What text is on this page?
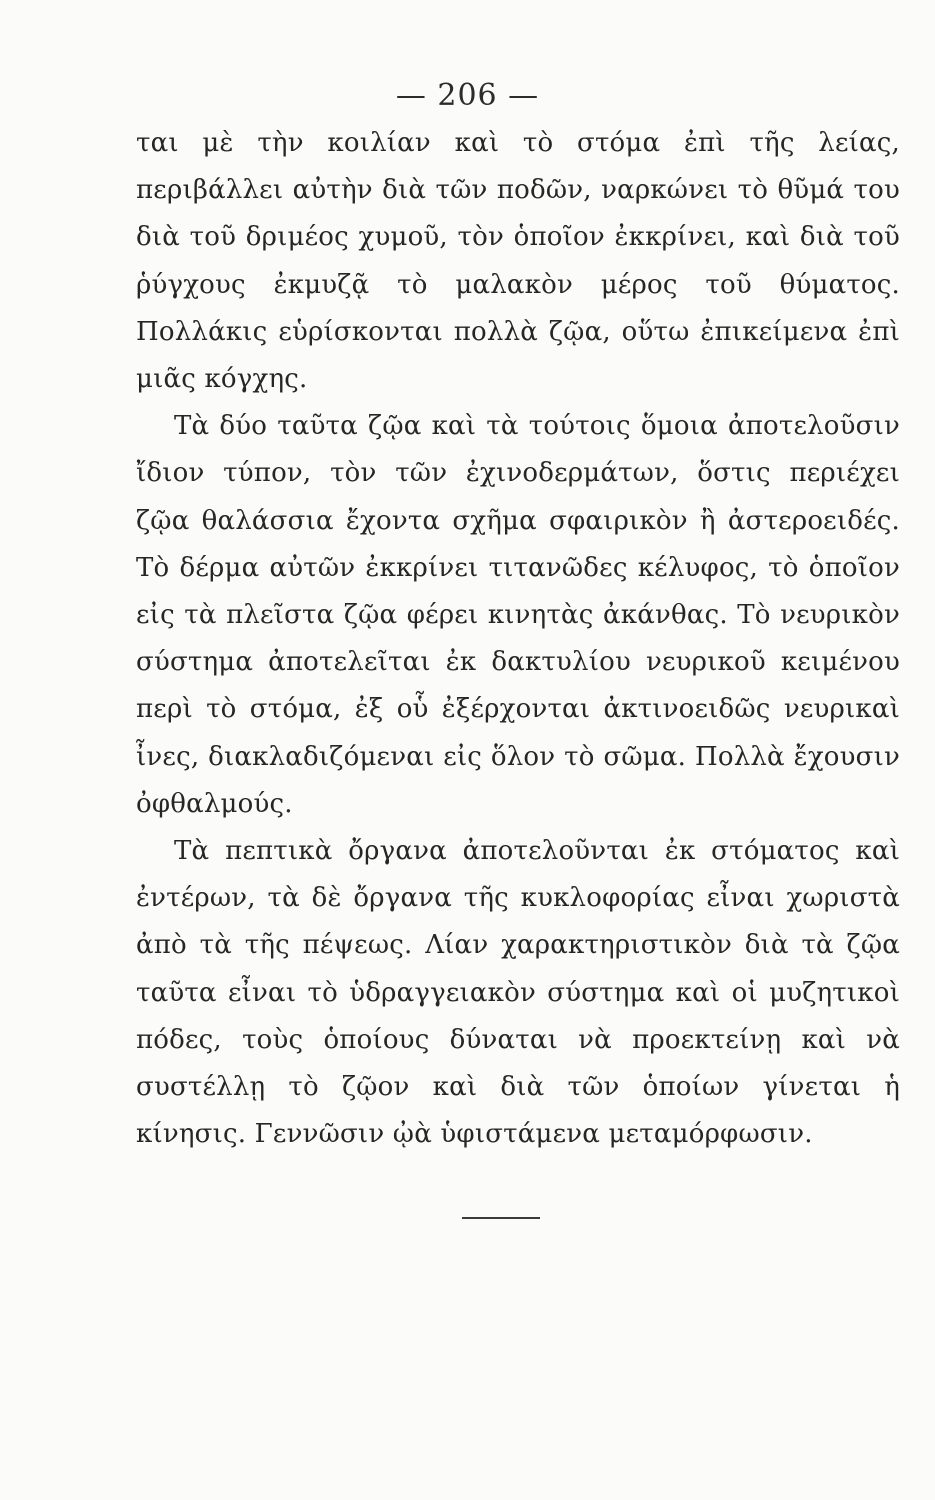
— 206 —

ται μὲ τὴν κοιλίαν καὶ τὸ στόμα ἐπὶ τῆς λείας, περιβάλλει αὐτὴν διὰ τῶν ποδῶν, ναρκώνει τὸ θῦμά του διὰ τοῦ δριμέος χυμοῦ, τὸν ὁποῖον ἐκκρίνει, καὶ διὰ τοῦ ῥύγχους ἐκμυζᾷ τὸ μαλακὸν μέρος τοῦ θύματος. Πολλάκις εὑρίσκονται πολλὰ ζῷα, οὕτω ἐπικείμενα ἐπὶ μιᾶς κόγχης.

Τὰ δύο ταῦτα ζῷα καὶ τὰ τούτοις ὅμοια ἀποτελοῦσιν ἴδιον τύπον, τὸν τῶν ἐχινοδερμάτων, ὅστις περιέχει ζῷα θαλάσσια ἔχοντα σχῆμα σφαιρικὸν ἢ ἀστεροειδές. Τὸ δέρμα αὐτῶν ἐκκρίνει τιτανῶδες κέλυφος, τὸ ὁποῖον εἰς τὰ πλεῖστα ζῷα φέρει κινητὰς ἀκάνθας. Τὸ νευρικὸν σύστημα ἀποτελεῖται ἐκ δακτυλίου νευρικοῦ κειμένου περὶ τὸ στόμα, ἐξ οὗ ἐξέρχονται ἀκτινοειδῶς νευρικαὶ ἶνες, διακλαδιζόμεναι εἰς ὅλον τὸ σῶμα. Πολλὰ ἔχουσιν ὀφθαλμούς.

Τὰ πεπτικὰ ὄργανα ἀποτελοῦνται ἐκ στόματος καὶ ἐντέρων, τὰ δὲ ὄργανα τῆς κυκλοφορίας εἶναι χωριστὰ ἀπὸ τὰ τῆς πέψεως. Λίαν χαρακτηριστικὸν διὰ τὰ ζῷα ταῦτα εἶναι τὸ ὑδραγγειακὸν σύστημα καὶ οἱ μυζητικοὶ πόδες, τοὺς ὁποίους δύναται νὰ προεκτείνῃ καὶ νὰ συστέλλῃ τὸ ζῷον καὶ διὰ τῶν ὁποίων γίνεται ἡ κίνησις. Γεννῶσιν ᾠὰ ὑφιστάμενα μεταμόρφωσιν.
